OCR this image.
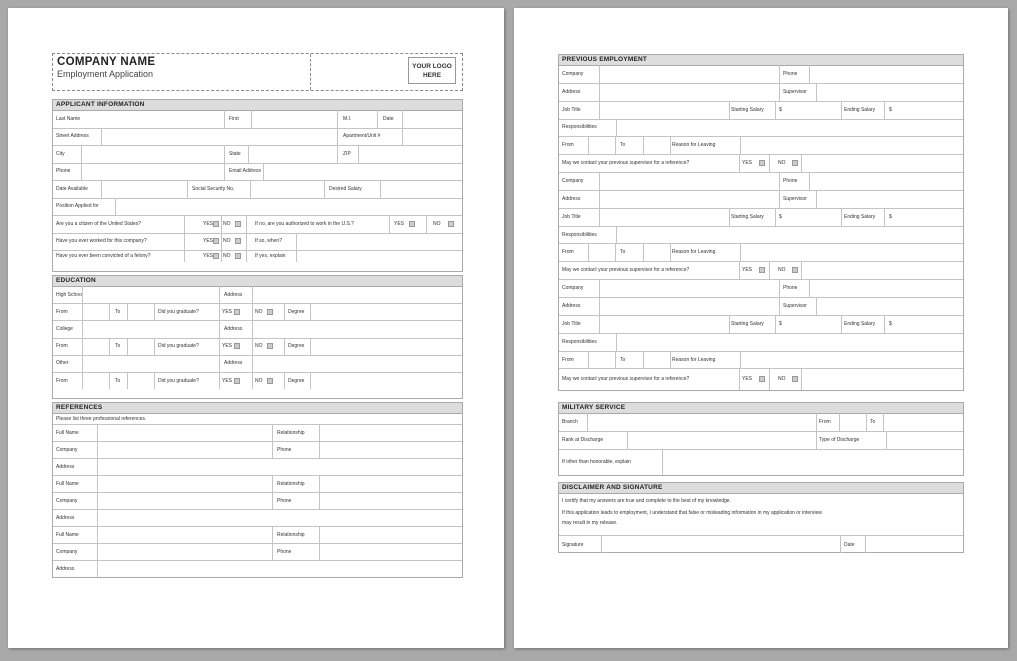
COMPANY NAME
Employment Application
YOUR LOGO
HERE
APPLICANT INFORMATION
Last Name	First	M.I.	Date
Street Address	Apartment/Unit #
City	State	ZIP
Phone	Email Address
Date Available	Social Security No.	Desired Salary
Position Applied for
Are you a citizen of the United States?	YES NO	If no, are you authorized to work in the U.S.?	YES	NO
Have you ever worked for this company?	YES NO	If so, when?
Have you ever been convicted of a felony?	YES NO	If yes, explain
EDUCATION
High School	Address
From	To	Did you graduate?	YES	NO	Degree
College	Address
From	To	Did you graduate?	YES	NO	Degree
Other	Address
From	To	Did you graduate?	YES	NO	Degree
REFERENCES
Please list three professional references.
Full Name	Relationship
Company	Phone
Address
Full Name	Relationship
Company	Phone
Address
Full Name	Relationship
Company	Phone
Address
PREVIOUS EMPLOYMENT
Company	Phone
Address	Supervisor
Job Title	Starting Salary	$	Ending Salary	$
Responsibilities
From	To	Reason for Leaving
May we contact your previous supervisor for a reference?	YES	NO
Company	Phone
Address	Supervisor
Job Title	Starting Salary	$	Ending Salary	$
Responsibilities
From	To	Reason for Leaving
May we contact your previous supervisor for a reference?	YES	NO
Company	Phone
Address	Supervisor
Job Title	Starting Salary	$	Ending Salary	$
Responsibilities
From	To	Reason for Leaving
May we contact your previous supervisor for a reference?	YES	NO
MILITARY SERVICE
Branch	From	To
Rank at Discharge	Type of Discharge
If other than honorable, explain
DISCLAIMER AND SIGNATURE
I certify that my answers are true and complete to the best of my knowledge.
If this application leads to employment, I understand that false or misleading information in my application or interview
may result in my release.
Signature	Date
